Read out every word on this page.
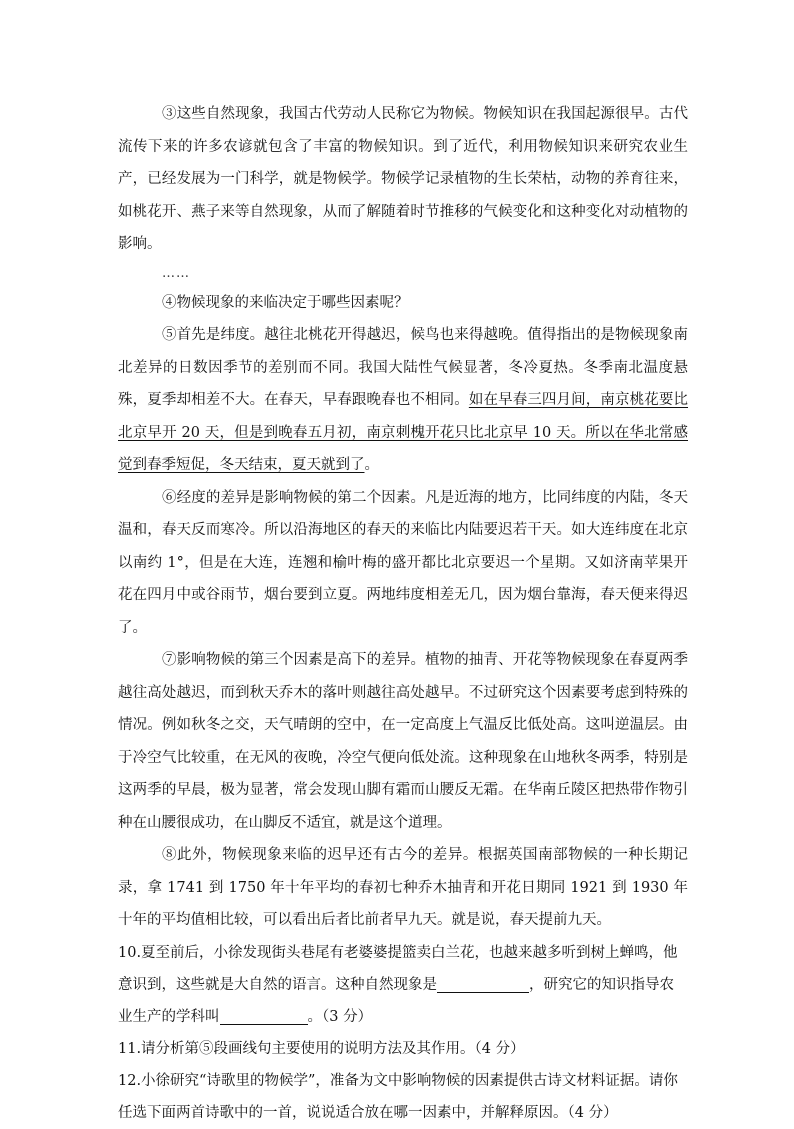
③这些自然现象，我国古代劳动人民称它为物候。物候知识在我国起源很早。古代流传下来的许多农谚就包含了丰富的物候知识。到了近代，利用物候知识来研究农业生产，已经发展为一门科学，就是物候学。物候学记录植物的生长荣枯，动物的养育往来，如桃花开、燕子来等自然现象，从而了解随着时节推移的气候变化和这种变化对动植物的影响。

……

④物候现象的来临决定于哪些因素呢？

⑤首先是纬度。越往北桃花开得越迟，候鸟也来得越晚。值得指出的是物候现象南北差异的日数因季节的差别而不同。我国大陆性气候显著，冬冷夏热。冬季南北温度悬殊，夏季却相差不大。在春天，早春跟晚春也不相同。如在早春三四月间，南京桃花要比北京早开 20 天，但是到晚春五月初，南京刺槐开花只比北京早 10 天。所以在华北常感觉到春季短促，冬天结束，夏天就到了。

⑥经度的差异是影响物候的第二个因素。凡是近海的地方，比同纬度的内陆，冬天温和，春天反而寒冷。所以沿海地区的春天的来临比内陆要迟若干天。如大连纬度在北京以南约 1°，但是在大连，连翘和榆叶梅的盛开都比北京要迟一个星期。又如济南苹果开花在四月中或谷雨节，烟台要到立夏。两地纬度相差无几，因为烟台靠海，春天便来得迟了。

⑦影响物候的第三个因素是高下的差异。植物的抽青、开花等物候现象在春夏两季越往高处越迟，而到秋天乔木的落叶则越往高处越早。不过研究这个因素要考虑到特殊的情况。例如秋冬之交，天气晴朗的空中，在一定高度上气温反比低处高。这叫逆温层。由于冷空气比较重，在无风的夜晚，冷空气便向低处流。这种现象在山地秋冬两季，特别是这两季的早晨，极为显著，常会发现山脚有霜而山腰反无霜。在华南丘陵区把热带作物引种在山腰很成功，在山脚反不适宜，就是这个道理。

⑧此外，物候现象来临的迟早还有古今的差异。根据英国南部物候的一种长期记录，拿 1741 到 1750 年十年平均的春初七种乔木抽青和开花日期同 1921 到 1930 年十年的平均值相比较，可以看出后者比前者早九天。就是说，春天提前九天。

10.夏至前后，小徐发现街头巷尾有老婆婆提篮卖白兰花，也越来越多听到树上蝉鸣，他意识到，这些就是大自然的语言。这种自然现象是	，研究它的知识指导农业生产的学科叫	。（3 分）

11.请分析第⑤段画线句主要使用的说明方法及其作用。（4 分）

12.小徐研究“诗歌里的物候学”，准备为文中影响物候的因素提供古诗文材料证据。请你任选下面两首诗歌中的一首，说说适合放在哪一因素中，并解释原因。（4 分）
